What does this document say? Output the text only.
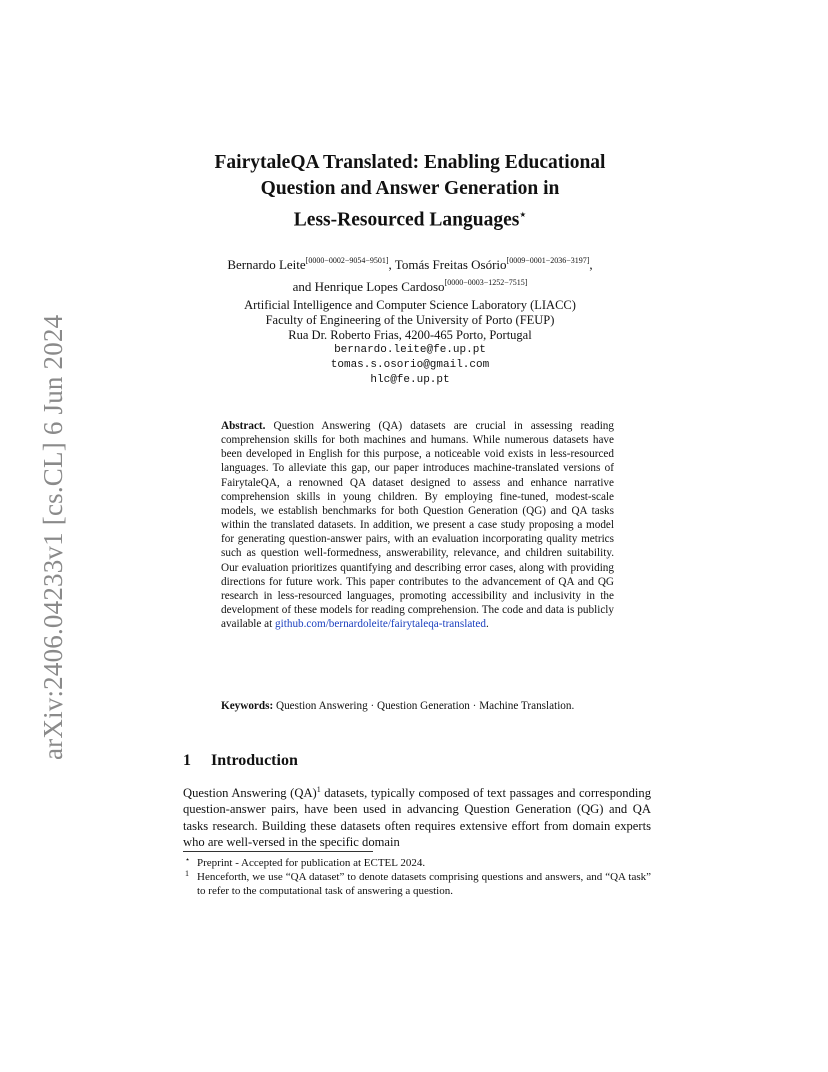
arXiv:2406.04233v1 [cs.CL] 6 Jun 2024
FairytaleQA Translated: Enabling Educational
Question and Answer Generation in
Less-Resourced Languages⋆
Bernardo Leite[0000−0002−9054−9501], Tomás Freitas Osório[0009−0001−2036−3197],
and Henrique Lopes Cardoso[0000−0003−1252−7515]
Artificial Intelligence and Computer Science Laboratory (LIACC)
Faculty of Engineering of the University of Porto (FEUP)
Rua Dr. Roberto Frias, 4200-465 Porto, Portugal
bernardo.leite@fe.up.pt
tomas.s.osorio@gmail.com
hlc@fe.up.pt
Abstract. Question Answering (QA) datasets are crucial in assessing reading comprehension skills for both machines and humans. While numerous datasets have been developed in English for this purpose, a noticeable void exists in less-resourced languages. To alleviate this gap, our paper introduces machine-translated versions of FairytaleQA, a renowned QA dataset designed to assess and enhance narrative comprehension skills in young children. By employing fine-tuned, modest-scale models, we establish benchmarks for both Question Generation (QG) and QA tasks within the translated datasets. In addition, we present a case study proposing a model for generating question-answer pairs, with an evaluation incorporating quality metrics such as question well-formedness, answerability, relevance, and children suitability. Our evaluation prioritizes quantifying and describing error cases, along with providing directions for future work. This paper contributes to the advancement of QA and QG research in less-resourced languages, promoting accessibility and inclusivity in the development of these models for reading comprehension. The code and data is publicly available at github.com/bernardoleite/fairytaleqa-translated.
Keywords: Question Answering · Question Generation · Machine Translation.
1 Introduction
Question Answering (QA)$^1$ datasets, typically composed of text passages and corresponding question-answer pairs, have been used in advancing Question Generation (QG) and QA tasks research. Building these datasets often requires extensive effort from domain experts who are well-versed in the specific domain
⋆ Preprint - Accepted for publication at ECTEL 2024.
1 Henceforth, we use “QA dataset” to denote datasets comprising questions and answers, and “QA task” to refer to the computational task of answering a question.
